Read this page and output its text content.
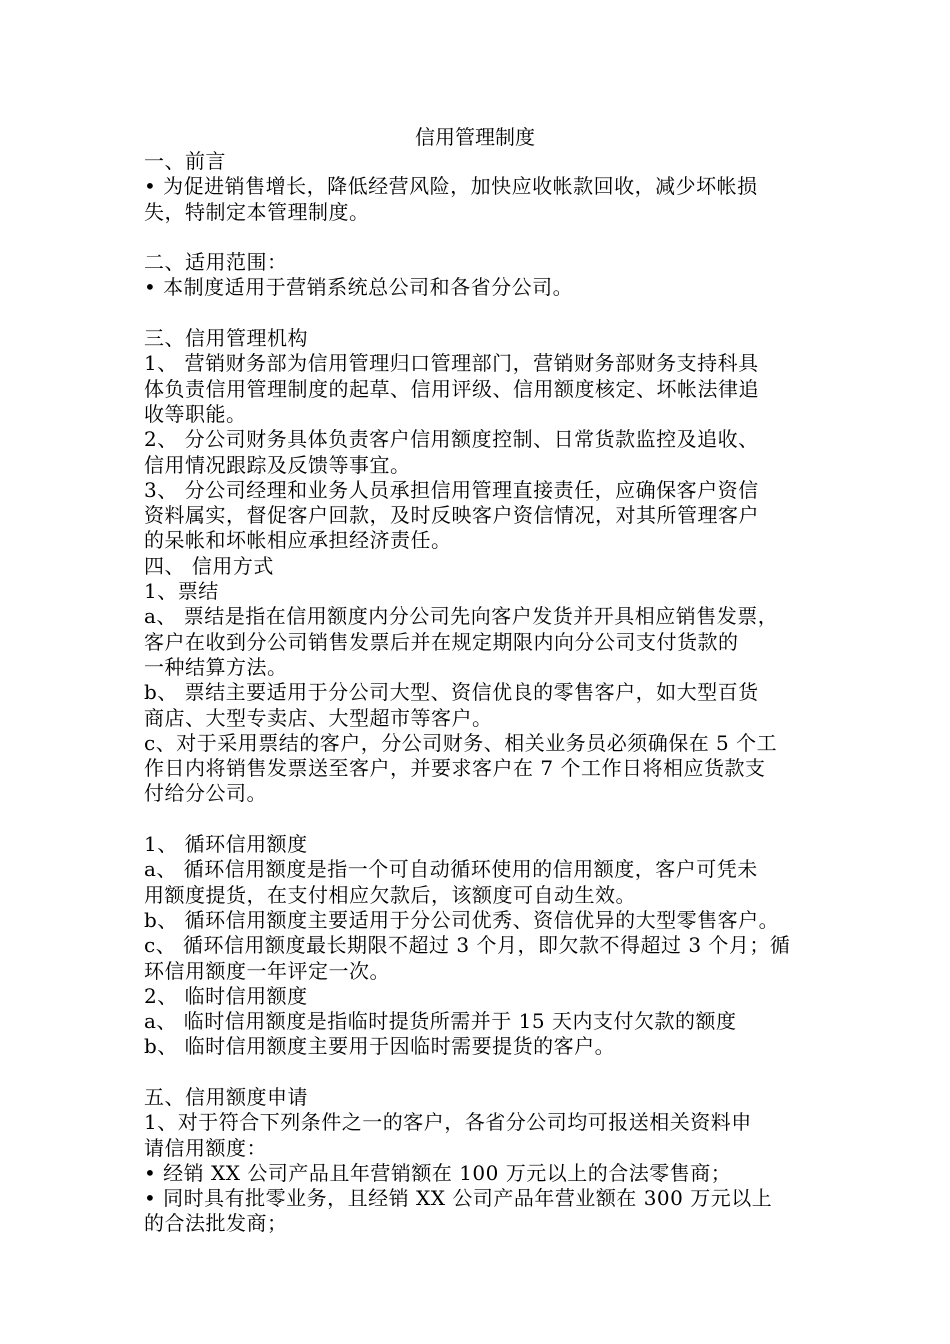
信用管理制度
一、前言
• 为促进销售增长，降低经营风险，加快应收帐款回收，减少坏帐损
失，特制定本管理制度。
二、适用范围：
• 本制度适用于营销系统总公司和各省分公司。
三、信用管理机构
1、 营销财务部为信用管理归口管理部门，营销财务部财务支持科具
体负责信用管理制度的起草、信用评级、信用额度核定、坏帐法律追
收等职能。
2、 分公司财务具体负责客户信用额度控制、日常货款监控及追收、
信用情况跟踪及反馈等事宜。
3、 分公司经理和业务人员承担信用管理直接责任，应确保客户资信
资料属实，督促客户回款，及时反映客户资信情况，对其所管理客户
的呆帐和坏帐相应承担经济责任。
四、 信用方式
1、票结
a、 票结是指在信用额度内分公司先向客户发货并开具相应销售发票，
客户在收到分公司销售发票后并在规定期限内向分公司支付货款的
一种结算方法。
b、 票结主要适用于分公司大型、资信优良的零售客户，如大型百货
商店、大型专卖店、大型超市等客户。
c、对于采用票结的客户，分公司财务、相关业务员必须确保在 5 个工
作日内将销售发票送至客户，并要求客户在 7 个工作日将相应货款支
付给分公司。
1、 循环信用额度
a、 循环信用额度是指一个可自动循环使用的信用额度，客户可凭未
用额度提货，在支付相应欠款后，该额度可自动生效。
b、 循环信用额度主要适用于分公司优秀、资信优异的大型零售客户。
c、 循环信用额度最长期限不超过 3 个月，即欠款不得超过 3 个月；循
环信用额度一年评定一次。
2、 临时信用额度
a、 临时信用额度是指临时提货所需并于 15 天内支付欠款的额度
b、 临时信用额度主要用于因临时需要提货的客户。
五、信用额度申请
1、对于符合下列条件之一的客户，各省分公司均可报送相关资料申
请信用额度：
• 经销 XX 公司产品且年营销额在 100 万元以上的合法零售商；
• 同时具有批零业务，且经销 XX 公司产品年营业额在 300 万元以上
的合法批发商；
